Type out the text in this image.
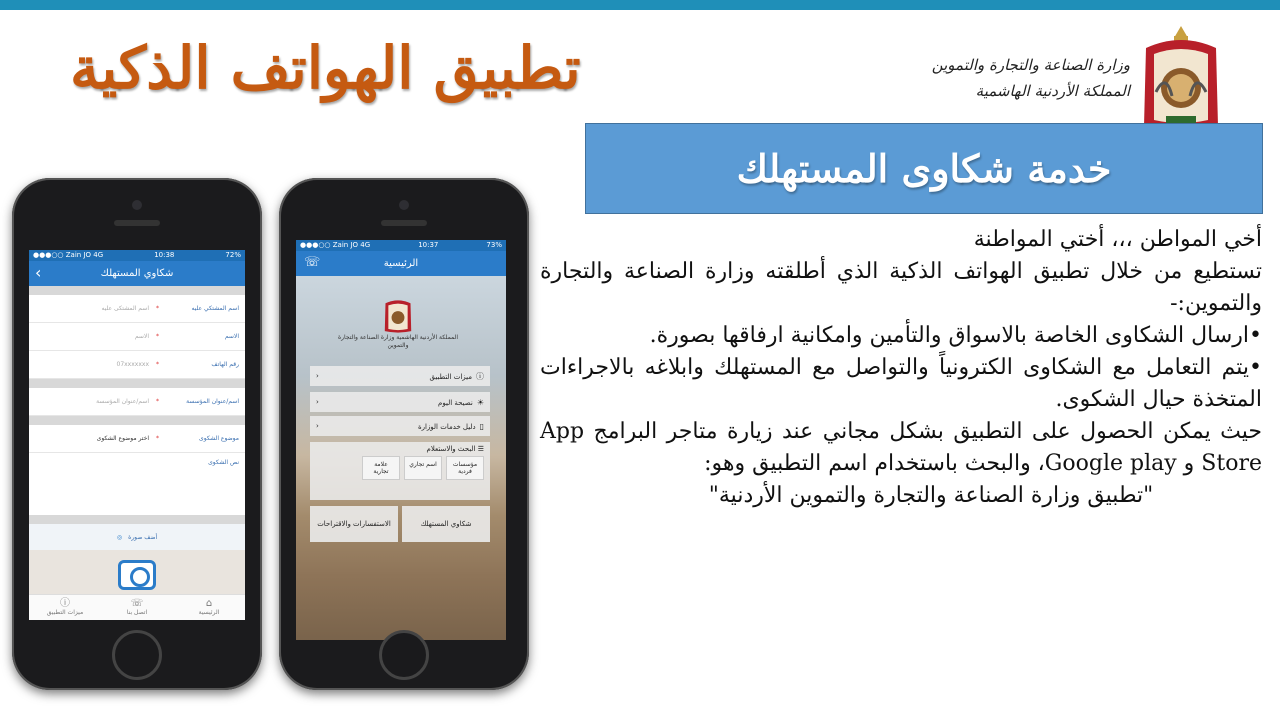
تطبيق الهواتف الذكية	وزارة الصناعة والتجارة والتموين
المملكة الأردنية الهاشمية
خدمة شكاوى المستهلك

أخي المواطن ،،، أختي المواطنة

تستطيع من خلال تطبيق الهواتف الذكية الذي أطلقته وزارة الصناعة والتجارة والتموين:-

•ارسال الشكاوى الخاصة بالاسواق والتأمين وامكانية ارفاقها بصورة.

•يتم التعامل مع الشكاوى الكترونياً والتواصل مع المستهلك وابلاغه بالاجراءات المتخذة حيال الشكوى.

حيث يمكن الحصول على التطبيق بشكل مجاني عند زيارة متاجر البرامج App Store و Google play، والبحث باستخدام اسم التطبيق وهو:

"تطبيق وزارة الصناعة والتجارة والتموين الأردنية"

●●●○○ Zain JO 4G	10:38	72%
‹	شكاوي المستهلك
اسم المشتكي عليه
*
اسم المشتكى عليه
الاسم
*
الاسم
رقم الهاتف
*
07xxxxxxx
اسم/عنوان المؤسسة
*
اسم/عنوان المؤسسة
موضوع الشكوى
*
اختر موضوع الشكوى
نص الشكوى
أضف صورة
◎
⌂
الرئيسية
☏
اتصل بنا
ⓘ
ميزات التطبيق
●●●○○ Zain JO 4G	10:37	73%
☏	الرئيسية
المملكة الأردنية الهاشمية وزارة الصناعة والتجارة والتموين
ⓘميزات التطبيق
‹
☀نصيحة اليوم
‹
▯دليل خدمات الوزارة
‹
☰ البحث والاستعلام
مؤسسات فردية
اسم تجاري
علامة تجارية
شكاوي المستهلك
الاستفسارات والاقتراحات
